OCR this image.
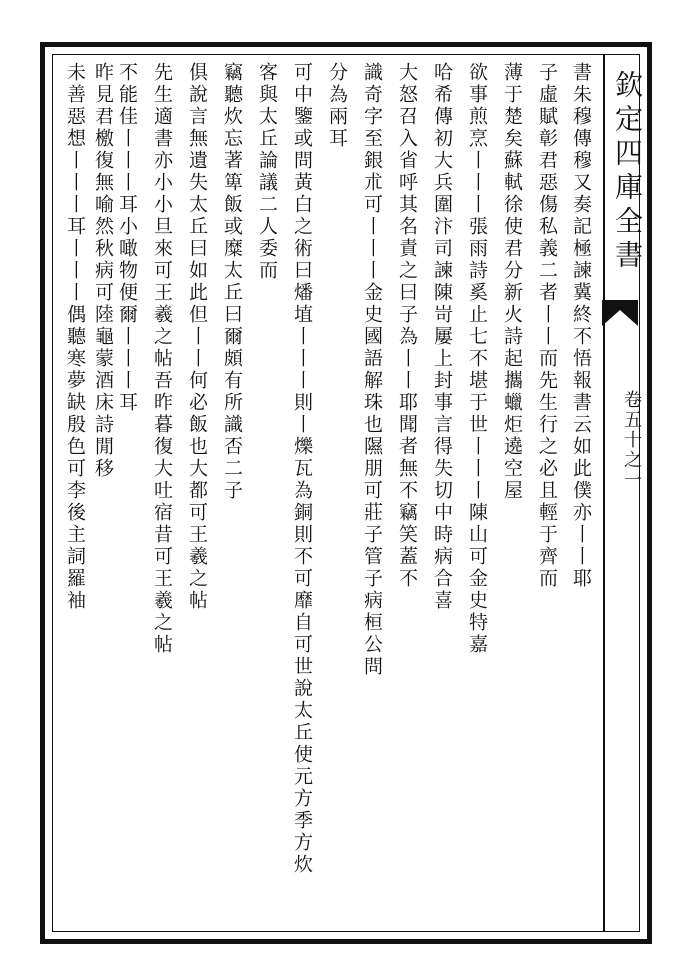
欽定四庫全書
卷五十之一
書朱穆傳穆又奏記極諫冀終不悟報書云如此僕亦丨丨耶
子虛賦彰君惡傷私義二者丨丨而先生行之必且輕于齊而
薄于楚矣蘇軾徐使君分新火詩起攜蠟炬遶空屋
欲事煎烹丨丨丨張雨詩奚止七不堪于世丨丨丨陳山可金史特嘉
哈希傳初大兵圍汴司諫陳岢屢上封事言得失切中時病合喜
大怒召入省呼其名責之曰子為丨丨耶聞者無不竊笑蓋不
識奇字至銀朮可丨丨丨金史國語解珠也隰朋可莊子管子病桓公問
分為兩耳
可中鑒或問黃白之術曰燔埴丨丨丨則丨爍瓦為銅則不可靡自可世說太丘使元方季方炊
客與太丘論議二人委而
竊聽炊忘著箄飯或糜太丘曰爾頗有所識否二子
俱說言無遺失太丘曰如此但丨丨何必飯也大都可王羲之帖
先生適書亦小小旦來可王羲之帖吾昨暮復大吐宿昔可王羲之帖
不能佳丨丨丨耳小噉物便爾丨丨丨耳
昨見君檄復無喻然秋病可陸龜蒙酒床詩閒移
未善惡想丨丨丨耳丨丨丨偶聽寒夢缺殷色可李後主詞羅袖
